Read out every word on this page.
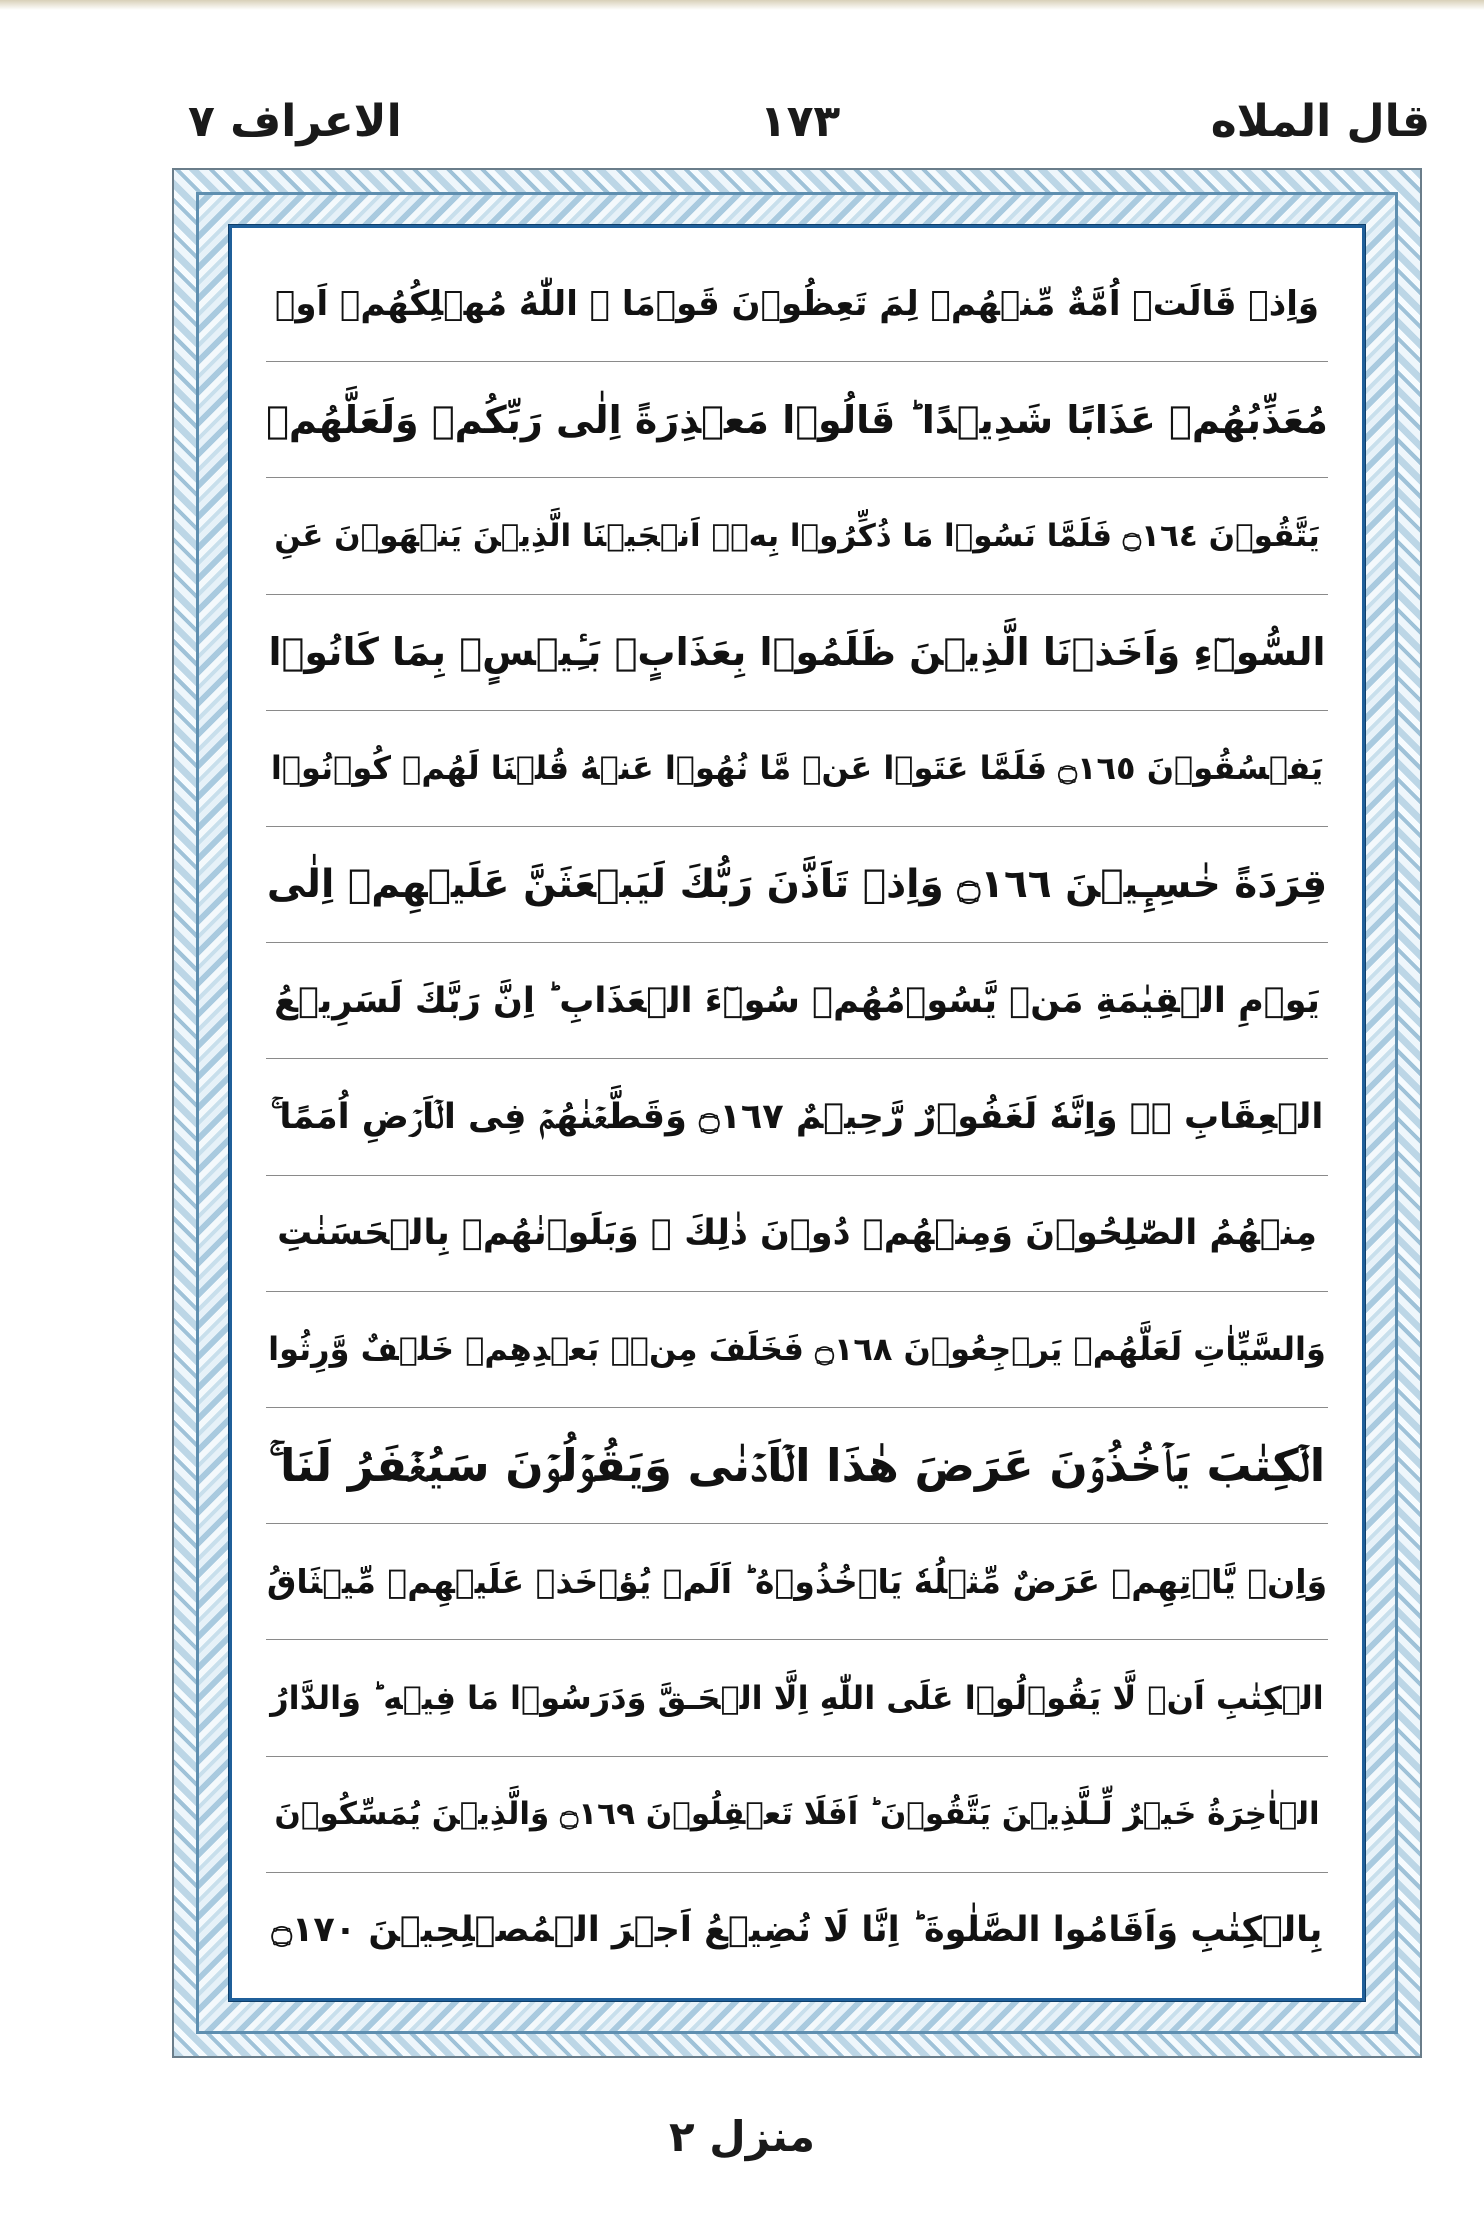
الاعراف ٧	١٧٣	قال الملاه
وَاِذۡ قَالَتۡ اُمَّةٌ مِّنۡهُمۡ لِمَ تَعِظُوۡنَ قَوۡمَا ۙ اللّٰهُ مُهۡلِكُهُمۡ اَوۡ
مُعَذِّبُهُمۡ عَذَابًا شَدِيۡدًا ؕ قَالُوۡا مَعۡذِرَةً اِلٰى رَبِّكُمۡ وَلَعَلَّهُمۡ
يَتَّقُوۡنَ ۝١٦٤ فَلَمَّا نَسُوۡا مَا ذُكِّرُوۡا بِهٖۤ اَنۡجَيۡنَا الَّذِيۡنَ يَنۡهَوۡنَ عَنِ
السُّوۡٓءِ وَاَخَذۡنَا الَّذِيۡنَ ظَلَمُوۡا بِعَذَابٍۢ بَـِٔيۡسٍۢ بِمَا كَانُوۡا
يَفۡسُقُوۡنَ ۝١٦٥ فَلَمَّا عَتَوۡا عَنۡ مَّا نُهُوۡا عَنۡهُ قُلۡنَا لَهُمۡ كُوۡنُوۡا
قِرَدَةً خٰسِـِٕيۡنَ ۝١٦٦ وَاِذۡ تَاَذَّنَ رَبُّكَ لَيَبۡعَثَنَّ عَلَيۡهِمۡ اِلٰى
يَوۡمِ الۡقِيٰمَةِ مَنۡ يَّسُوۡمُهُمۡ سُوۡٓءَ الۡعَذَابِ ؕ اِنَّ رَبَّكَ لَسَرِيۡعُ
الۡعِقَابِ ۖۚ وَاِنَّهٗ لَغَفُوۡرٌ رَّحِيۡمٌ ۝١٦٧ وَقَطَّعۡنٰهُمۡ فِى الۡاَرۡضِ اُمَمًا ۚ
مِنۡهُمُ الصّٰلِحُوۡنَ وَمِنۡهُمۡ دُوۡنَ ذٰلِكَ ۫ وَبَلَوۡنٰهُمۡ بِالۡحَسَنٰتِ
وَالسَّيِّاٰتِ لَعَلَّهُمۡ يَرۡجِعُوۡنَ ۝١٦٨ فَخَلَفَ مِنۡۢ بَعۡدِهِمۡ خَلۡفٌ وَّرِثُوا
الۡكِتٰبَ يَاۡخُذُوۡنَ عَرَضَ هٰذَا الۡاَدۡنٰى وَيَقُوۡلُوۡنَ سَيُغۡفَرُ لَنَا ۚ
وَاِنۡ يَّاۡتِهِمۡ عَرَضٌ مِّثۡلُهٗ يَاۡخُذُوۡهُ ؕ اَلَمۡ يُؤۡخَذۡ عَلَيۡهِمۡ مِّيۡثَاقُ
الۡكِتٰبِ اَنۡ لَّا يَقُوۡلُوۡا عَلَى اللّٰهِ اِلَّا الۡحَـقَّ وَدَرَسُوۡا مَا فِيۡهِ ؕ وَالدَّارُ
الۡاٰخِرَةُ خَيۡرٌ لِّـلَّذِيۡنَ يَتَّقُوۡنَ ؕ اَفَلَا تَعۡقِلُوۡنَ ۝١٦٩ وَالَّذِيۡنَ يُمَسِّكُوۡنَ
بِالۡكِتٰبِ وَاَقَامُوا الصَّلٰوةَ ؕ اِنَّا لَا نُضِيۡعُ اَجۡرَ الۡمُصۡلِحِيۡنَ ۝١٧٠
منزل ٢
